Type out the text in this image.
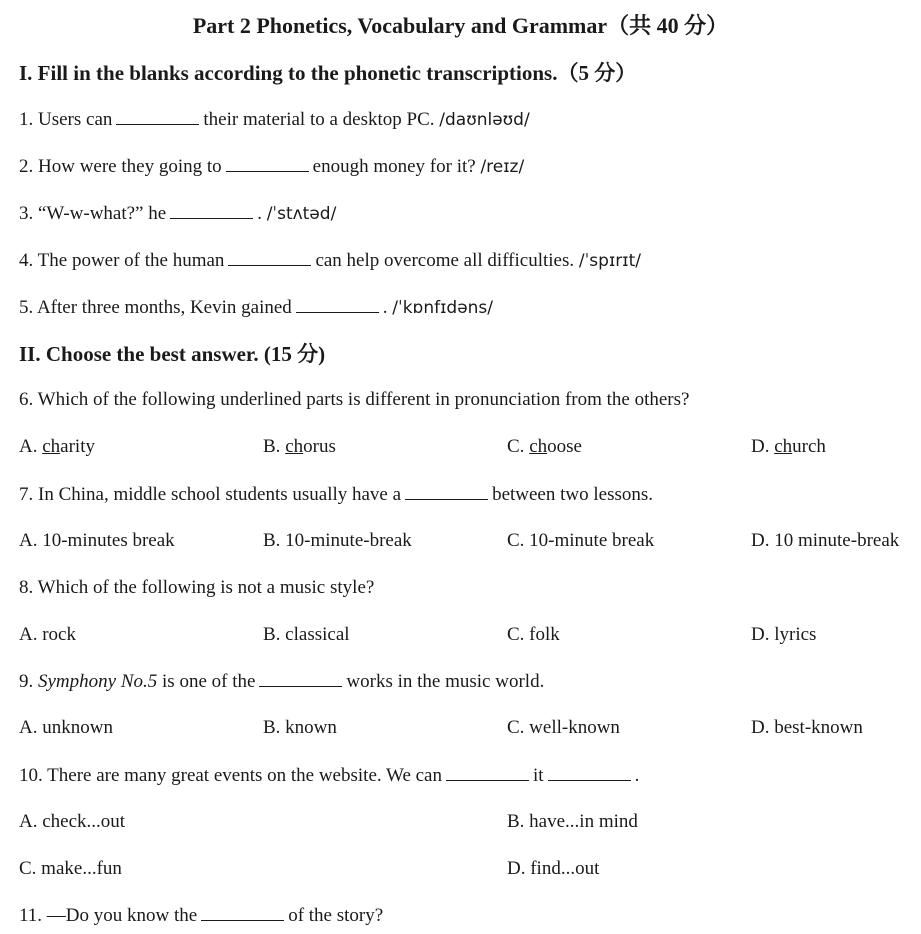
Part 2 Phonetics, Vocabulary and Grammar（共 40 分）
I. Fill in the blanks according to the phonetic transcriptions.（5 分）
1. Users can	their material to a desktop PC. /daʊnləʊd/
2. How were they going to	enough money for it? /reɪz/
3. “W-w-what?” he	. /ˈstʌtəd/
4. The power of the human	can help overcome all difficulties. /ˈspɪrɪt/
5. After three months, Kevin gained	. /ˈkɒnfɪdəns/
II. Choose the best answer. (15 分)
6. Which of the following underlined parts is different in pronunciation from the others?
A. charity	B. chorus	C. choose	D. church
7. In China, middle school students usually have a	between two lessons.
A. 10-minutes break	B. 10-minute-break	C. 10-minute break	D. 10 minute-break
8. Which of the following is not a music style?
A. rock	B. classical	C. folk	D. lyrics
9. Symphony No.5 is one of the	works in the music world.
A. unknown	B. known	C. well-known	D. best-known
10. There are many great events on the website. We can	it	.
A. check...out	B. have...in mind
C. make...fun	D. find...out
11. —Do you know the	of the story?
